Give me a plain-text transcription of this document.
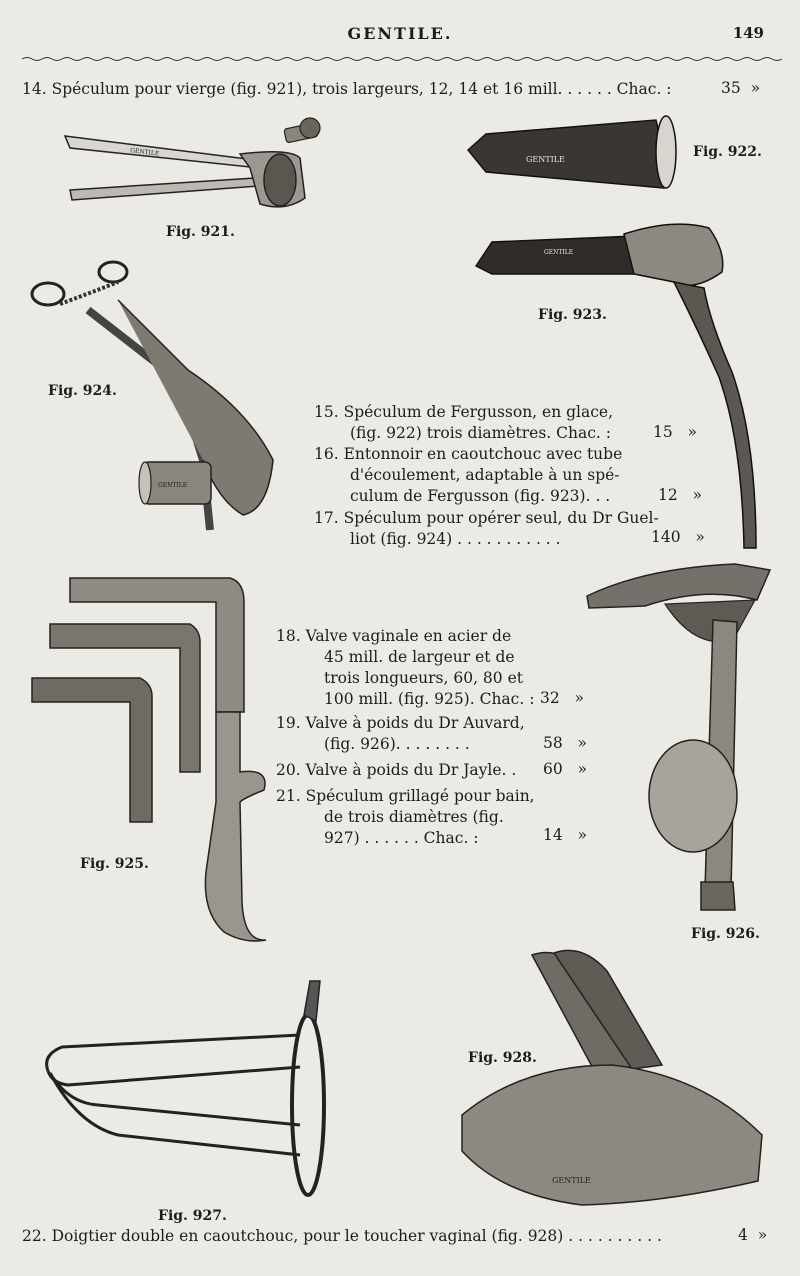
GENTILE.	149
14. Spéculum pour vierge (fig. 921), trois largeurs, 12, 14 et 16 mill. . . . . . Chac. :	35 »
15. Spéculum de Fergusson, en glace,
(fig. 922) trois diamètres. Chac. :	15 »
16. Entonnoir en caoutchouc avec tube
d'écoulement, adaptable à un spé-
culum de Fergusson (fig. 923). . .	12 »
17. Spéculum pour opérer seul, du Dr Guel-
liot (fig. 924) . . . . . . . . . . .	140 »
18. Valve vaginale en acier de
45 mill. de largeur et de
trois longueurs, 60, 80 et
100 mill. (fig. 925). Chac. : 32 »
19. Valve à poids du Dr Auvard,
(fig. 926). . . . . . . .	58 »
20. Valve à poids du Dr Jayle. . 60 »
21. Spéculum grillagé pour bain,
de trois diamètres (fig.
927) . . . . . . Chac. :	14 »
22. Doigtier double en caoutchouc, pour le toucher vaginal (fig. 928) . . . . . . . . . .	4 »
GENTILE
Fig. 921.
GENTILE	Fig. 922.
GENTILE
Fig. 923.
GENTILE
Fig. 924.
Fig. 925.
Fig. 926.
Fig. 927.
GENTILE
Fig. 928.
